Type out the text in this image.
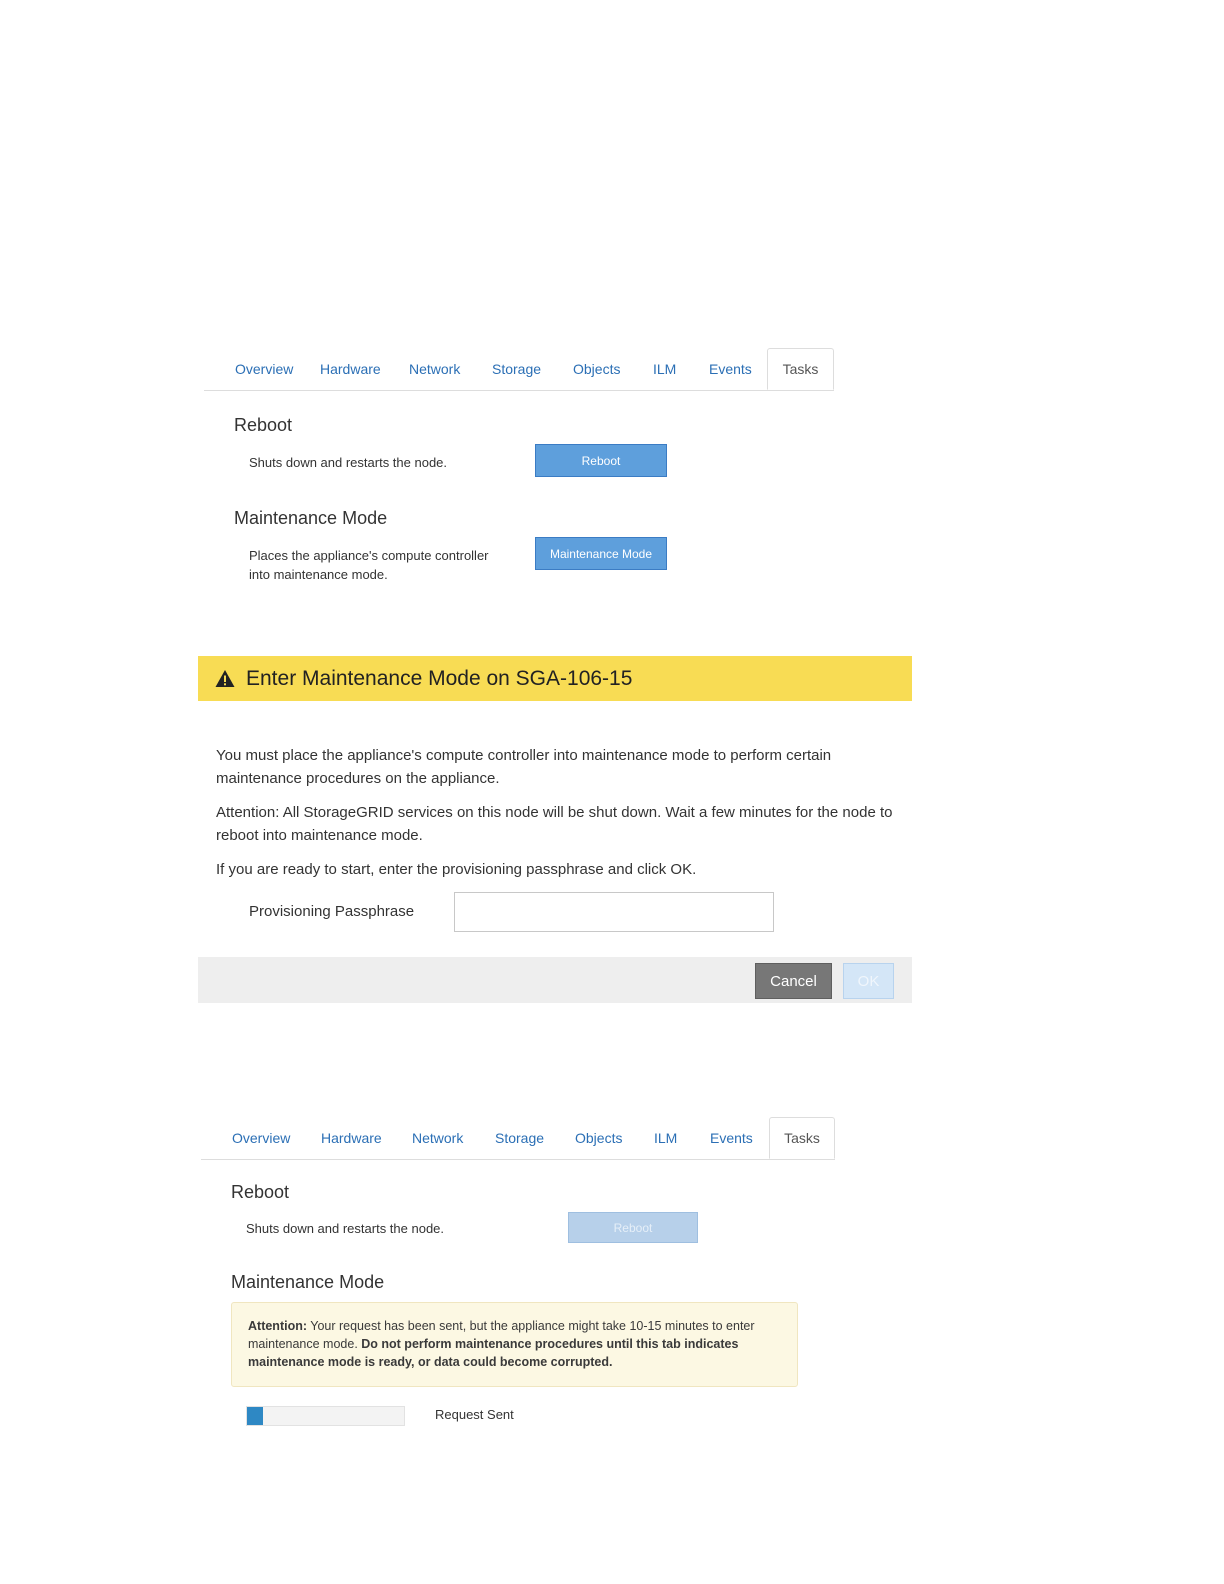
Overview Hardware Network Storage Objects ILM Events	Tasks
Reboot
Shuts down and restarts the node.	Reboot
Maintenance Mode
Places the appliance's compute controller into maintenance mode.
Maintenance Mode
Enter Maintenance Mode on SGA-106-15
You must place the appliance's compute controller into maintenance mode to perform certain maintenance procedures on the appliance.
Attention: All StorageGRID services on this node will be shut down. Wait a few minutes for the node to reboot into maintenance mode.
If you are ready to start, enter the provisioning passphrase and click OK.
Provisioning Passphrase
Cancel	OK
Overview Hardware Network Storage Objects ILM Events	Tasks
Reboot
Shuts down and restarts the node.	Reboot
Maintenance Mode
Attention: Your request has been sent, but the appliance might take 10-15 minutes to enter maintenance mode. Do not perform maintenance procedures until this tab indicates maintenance mode is ready, or data could become corrupted.
Request Sent
